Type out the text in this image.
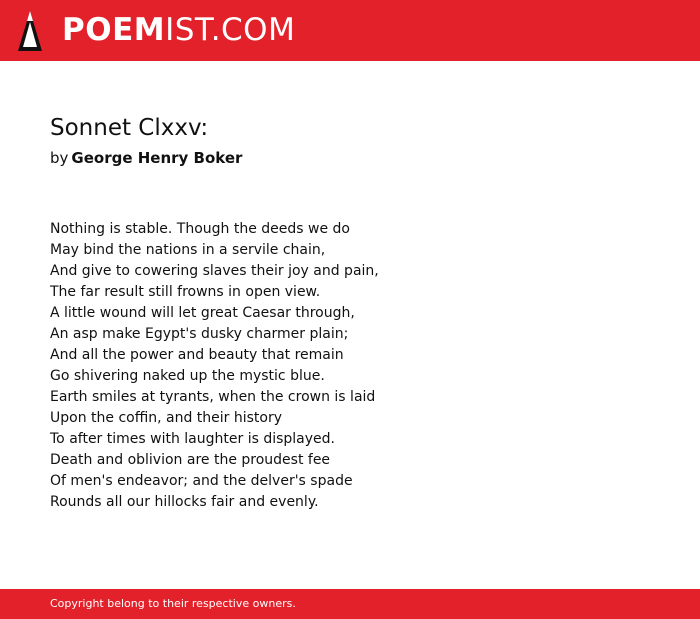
POEMIST.COM
Sonnet Clxxv:
by George Henry Boker
Nothing is stable. Though the deeds we do
May bind the nations in a servile chain,
And give to cowering slaves their joy and pain,
The far result still frowns in open view.
A little wound will let great Caesar through,
An asp make Egypt's dusky charmer plain;
And all the power and beauty that remain
Go shivering naked up the mystic blue.
Earth smiles at tyrants, when the crown is laid
Upon the coffin, and their history
To after times with laughter is displayed.
Death and oblivion are the proudest fee
Of men's endeavor; and the delver's spade
Rounds all our hillocks fair and evenly.
Copyright belong to their respective owners.
